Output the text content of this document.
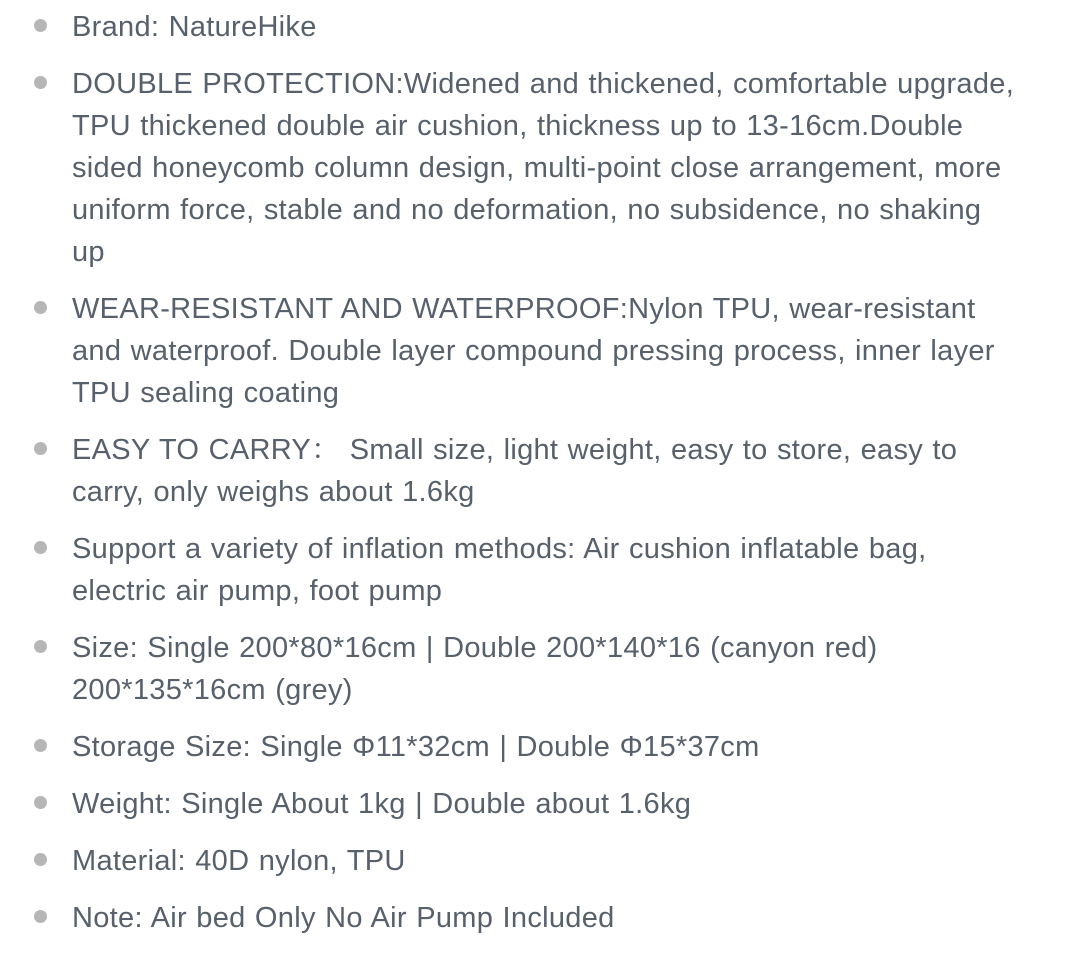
Brand: NatureHike
DOUBLE PROTECTION:Widened and thickened, comfortable upgrade, TPU thickened double air cushion, thickness up to 13-16cm.Double sided honeycomb column design, multi-point close arrangement, more uniform force, stable and no deformation, no subsidence, no shaking up
WEAR-RESISTANT AND WATERPROOF:Nylon TPU, wear-resistant and waterproof. Double layer compound pressing process, inner layer TPU sealing coating
EASY TO CARRY： Small size, light weight, easy to store, easy to carry, only weighs about 1.6kg
Support a variety of inflation methods: Air cushion inflatable bag, electric air pump, foot pump
Size: Single 200*80*16cm | Double 200*140*16 (canyon red) 200*135*16cm (grey)
Storage Size: Single Φ11*32cm | Double Φ15*37cm
Weight: Single About 1kg | Double about 1.6kg
Material: 40D nylon, TPU
Note: Air bed Only No Air Pump Included
